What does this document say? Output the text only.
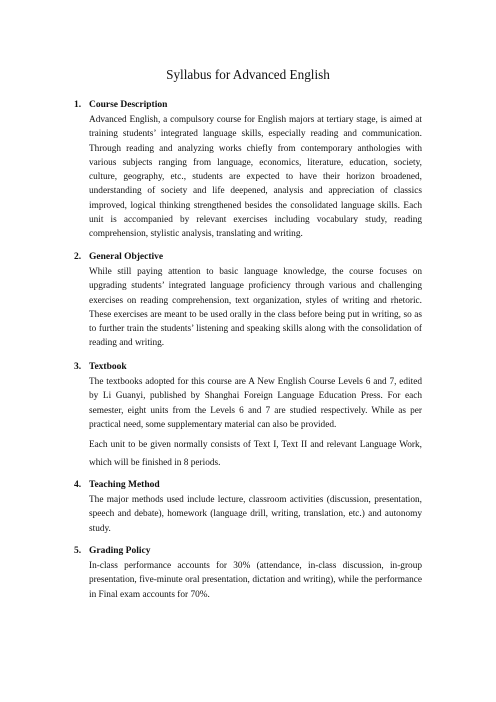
Syllabus for Advanced English
1. Course Description

Advanced English, a compulsory course for English majors at tertiary stage, is aimed at training students’ integrated language skills, especially reading and communication. Through reading and analyzing works chiefly from contemporary anthologies with various subjects ranging from language, economics, literature, education, society, culture, geography, etc., students are expected to have their horizon broadened, understanding of society and life deepened, analysis and appreciation of classics improved, logical thinking strengthened besides the consolidated language skills. Each unit is accompanied by relevant exercises including vocabulary study, reading comprehension, stylistic analysis, translating and writing.

2. General Objective

While still paying attention to basic language knowledge, the course focuses on upgrading students’ integrated language proficiency through various and challenging exercises on reading comprehension, text organization, styles of writing and rhetoric. These exercises are meant to be used orally in the class before being put in writing, so as to further train the students’ listening and speaking skills along with the consolidation of reading and writing.

3. Textbook

The textbooks adopted for this course are A New English Course Levels 6 and 7, edited by Li Guanyi, published by Shanghai Foreign Language Education Press. For each semester, eight units from the Levels 6 and 7 are studied respectively. While as per practical need, some supplementary material can also be provided.

Each unit to be given normally consists of Text I, Text II and relevant Language Work, which will be finished in 8 periods.

4. Teaching Method

The major methods used include lecture, classroom activities (discussion, presentation, speech and debate), homework (language drill, writing, translation, etc.) and autonomy study.

5. Grading Policy

In-class performance accounts for 30% (attendance, in-class discussion, in-group presentation, five-minute oral presentation, dictation and writing), while the performance in Final exam accounts for 70%.
